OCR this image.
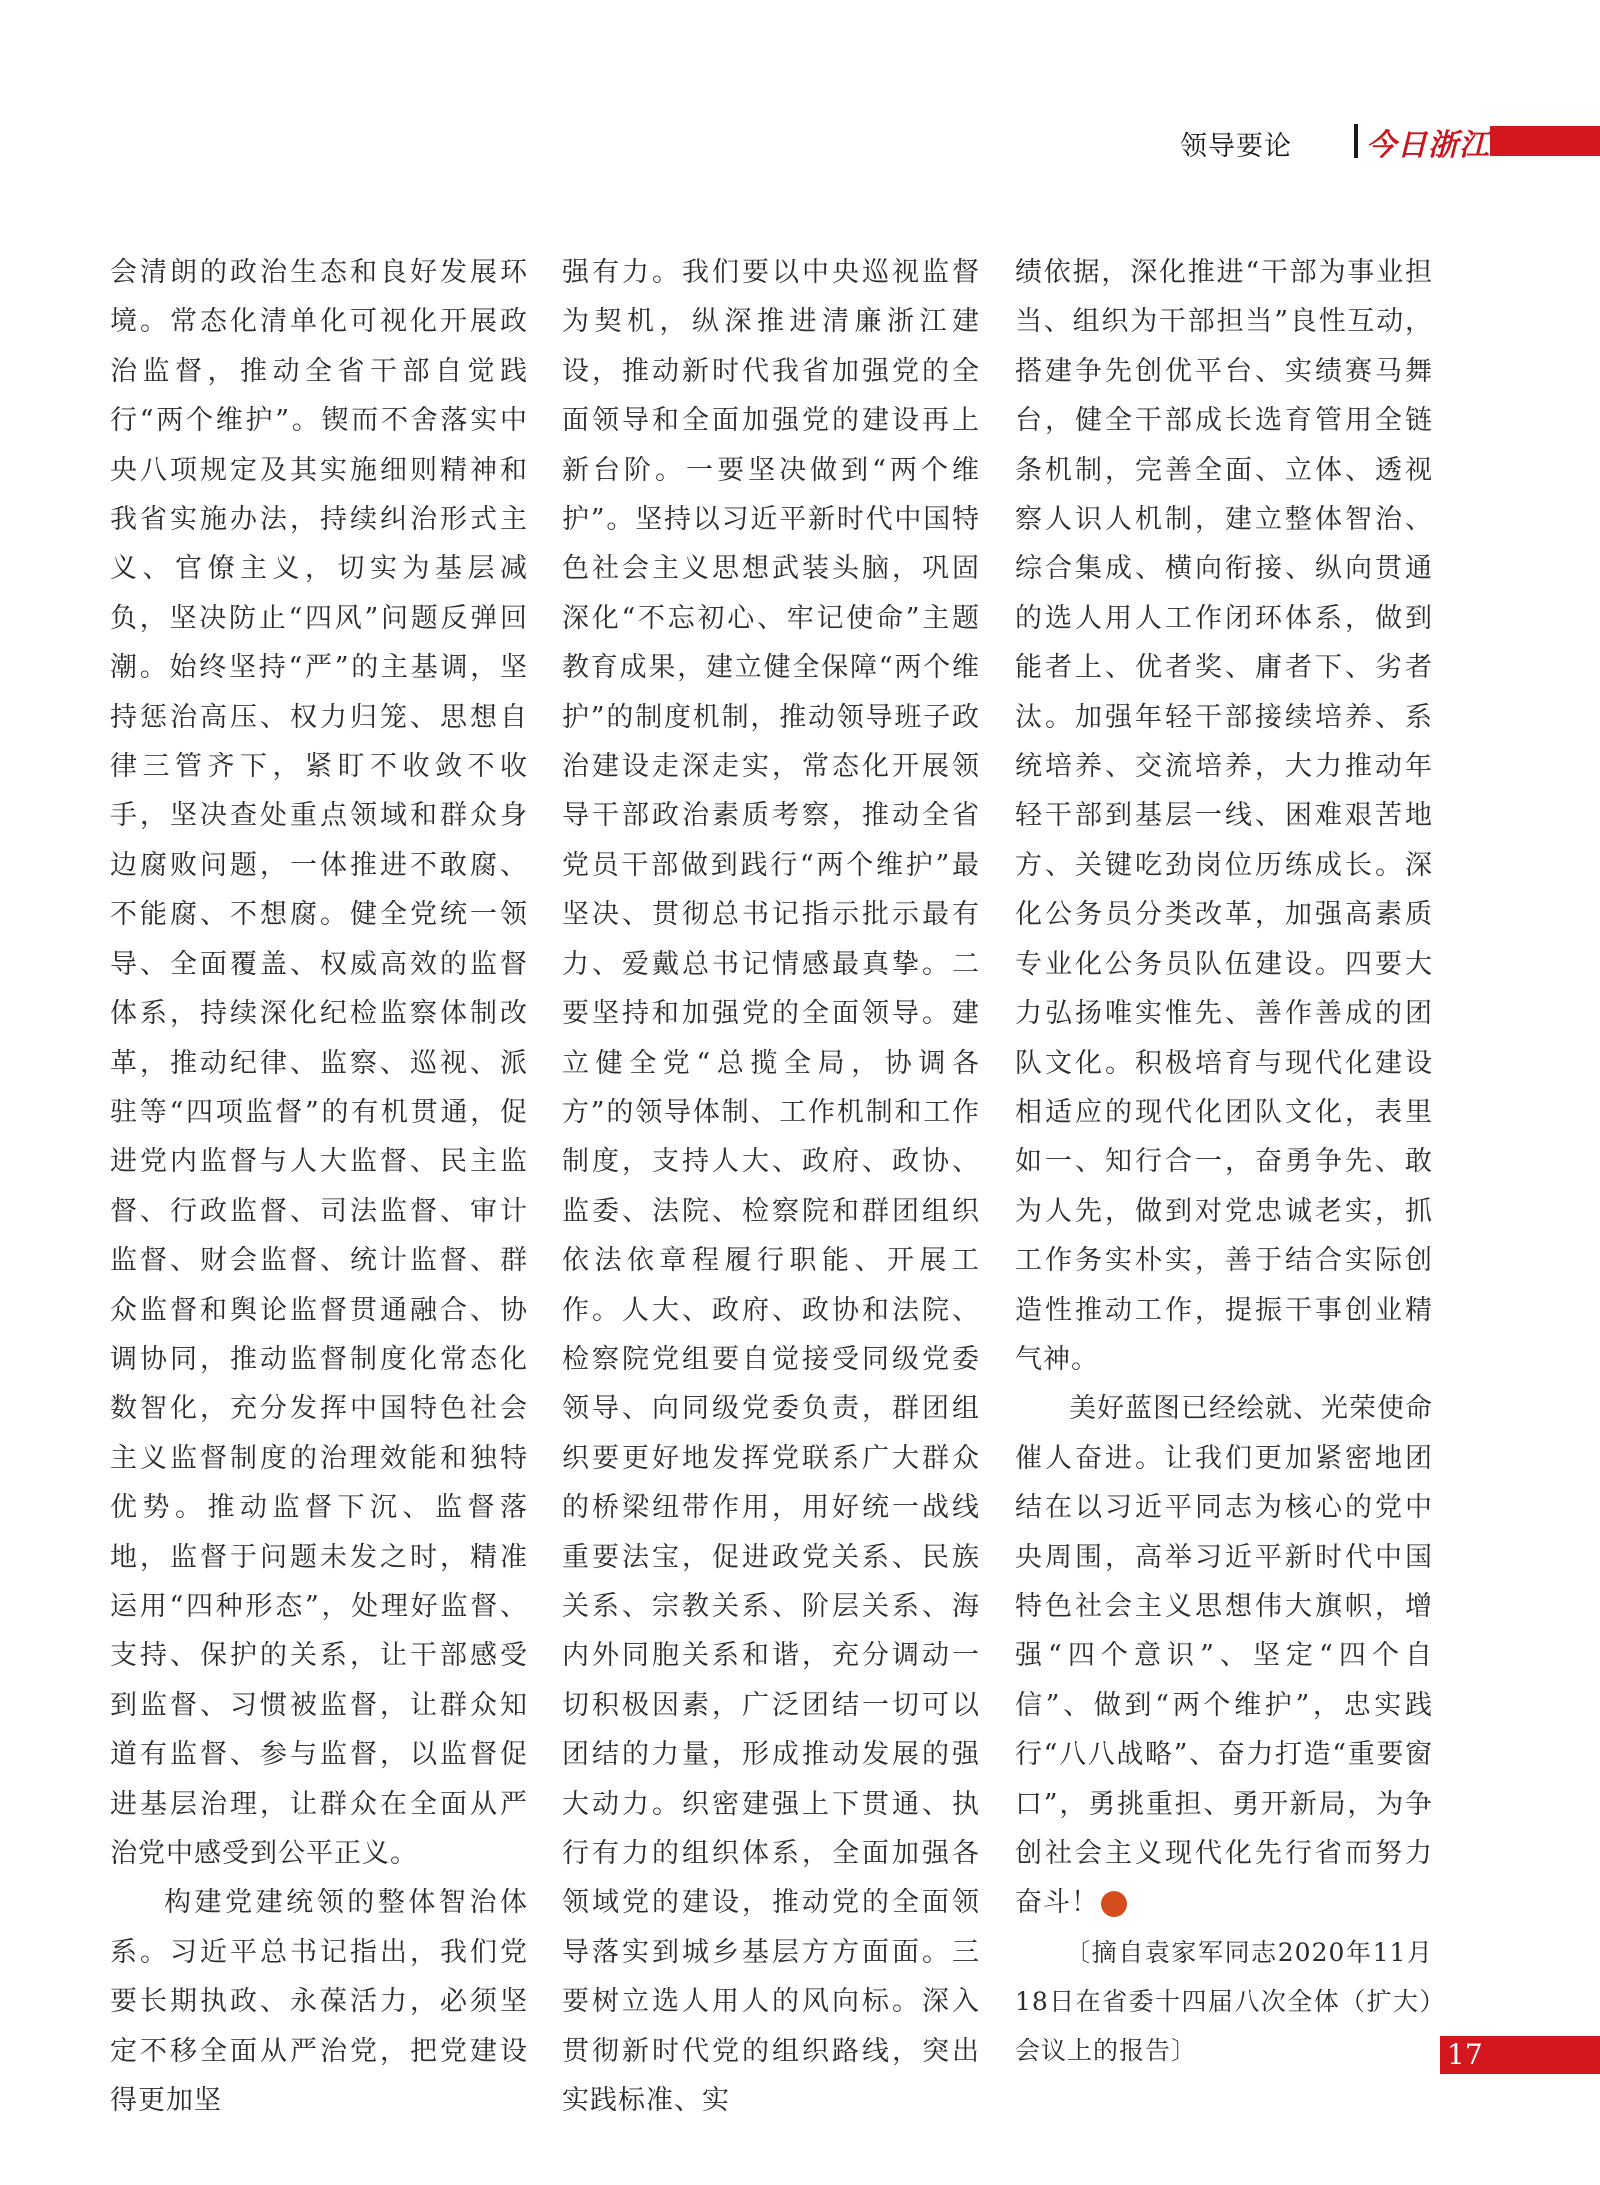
领导要论 今日浙江

会清朗的政治生态和良好发展环境。常态化清单化可视化开展政治监督，推动全省干部自觉践行“两个维护”。锲而不舍落实中央八项规定及其实施细则精神和我省实施办法，持续纠治形式主义、官僚主义，切实为基层减负，坚决防止“四风”问题反弹回潮。始终坚持“严”的主基调，坚持惩治高压、权力归笼、思想自律三管齐下，紧盯不收敛不收手，坚决查处重点领域和群众身边腐败问题，一体推进不敢腐、不能腐、不想腐。健全党统一领导、全面覆盖、权威高效的监督体系，持续深化纪检监察体制改革，推动纪律、监察、巡视、派驻等“四项监督”的有机贯通，促进党内监督与人大监督、民主监督、行政监督、司法监督、审计监督、财会监督、统计监督、群众监督和舆论监督贯通融合、协调协同，推动监督制度化常态化数智化，充分发挥中国特色社会主义监督制度的治理效能和独特优势。推动监督下沉、监督落地，监督于问题未发之时，精准运用“四种形态”，处理好监督、支持、保护的关系，让干部感受到监督、习惯被监督，让群众知道有监督、参与监督，以监督促进基层治理，让群众在全面从严治党中感受到公平正义。

构建党建统领的整体智治体系。习近平总书记指出，我们党要长期执政、永葆活力，必须坚定不移全面从严治党，把党建设得更加坚

强有力。我们要以中央巡视监督为契机，纵深推进清廉浙江建设，推动新时代我省加强党的全面领导和全面加强党的建设再上新台阶。一要坚决做到“两个维护”。坚持以习近平新时代中国特色社会主义思想武装头脑，巩固深化“不忘初心、牢记使命”主题教育成果，建立健全保障“两个维护”的制度机制，推动领导班子政治建设走深走实，常态化开展领导干部政治素质考察，推动全省党员干部做到践行“两个维护”最坚决、贯彻总书记指示批示最有力、爱戴总书记情感最真挚。二要坚持和加强党的全面领导。建立健全党“总揽全局，协调各方”的领导体制、工作机制和工作制度，支持人大、政府、政协、监委、法院、检察院和群团组织依法依章程履行职能、开展工作。人大、政府、政协和法院、检察院党组要自觉接受同级党委领导、向同级党委负责，群团组织要更好地发挥党联系广大群众的桥梁纽带作用，用好统一战线重要法宝，促进政党关系、民族关系、宗教关系、阶层关系、海内外同胞关系和谐，充分调动一切积极因素，广泛团结一切可以团结的力量，形成推动发展的强大动力。织密建强上下贯通、执行有力的组织体系，全面加强各领域党的建设，推动党的全面领导落实到城乡基层方方面面。三要树立选人用人的风向标。深入贯彻新时代党的组织路线，突出实践标准、实

绩依据，深化推进“干部为事业担当、组织为干部担当”良性互动，搭建争先创优平台、实绩赛马舞台，健全干部成长选育管用全链条机制，完善全面、立体、透视察人识人机制，建立整体智治、综合集成、横向衔接、纵向贯通的选人用人工作闭环体系，做到能者上、优者奖、庸者下、劣者汰。加强年轻干部接续培养、系统培养、交流培养，大力推动年轻干部到基层一线、困难艰苦地方、关键吃劲岗位历练成长。深化公务员分类改革，加强高素质专业化公务员队伍建设。四要大力弘扬唯实惟先、善作善成的团队文化。积极培育与现代化建设相适应的现代化团队文化，表里如一、知行合一，奋勇争先、敢为人先，做到对党忠诚老实，抓工作务实朴实，善于结合实际创造性推动工作，提振干事创业精气神。

美好蓝图已经绘就、光荣使命催人奋进。让我们更加紧密地团结在以习近平同志为核心的党中央周围，高举习近平新时代中国特色社会主义思想伟大旗帜，增强“四个意识”、坚定“四个自信”、做到“两个维护”，忠实践行“八八战略”、奋力打造“重要窗口”，勇挑重担、勇开新局，为争创社会主义现代化先行省而努力奋斗！	今

〔摘自袁家军同志2020年11月18日在省委十四届八次全体（扩大）会议上的报告〕	17
